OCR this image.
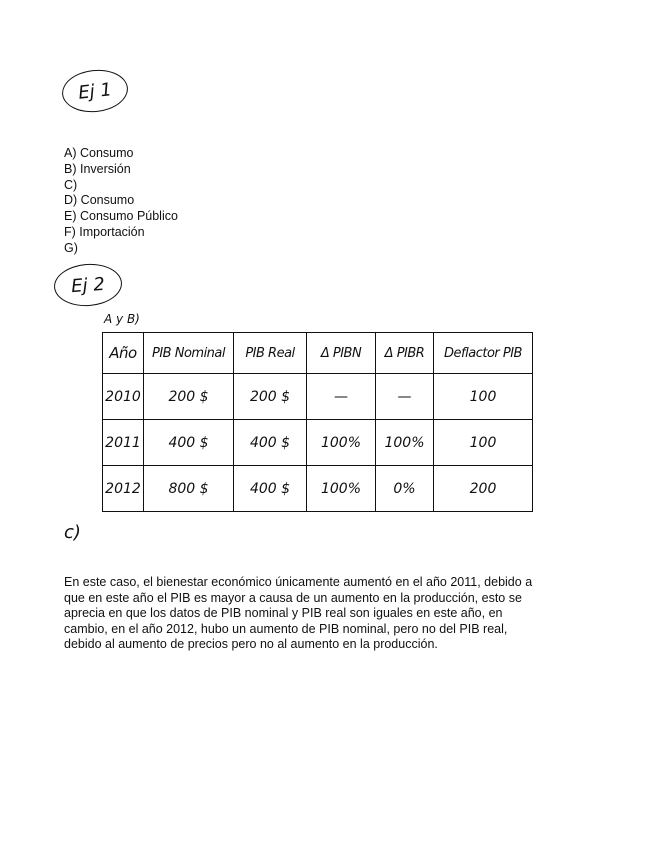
Ej 1
A) Consumo
B) Inversión
C)
D) Consumo
E) Consumo Público
F) Importación
G)
Ej 2
A y B)
Año	PIB Nominal	PIB Real	Δ PIBN	Δ PIBR	Deflactor PIB
2010	200 $	200 $	—	—	100
2011	400 $	400 $	100%	100%	100
2012	800 $	400 $	100%	0%	200
c)
En este caso, el bienestar económico únicamente aumentó en el año 2011, debido a
que en este año el PIB es mayor a causa de un aumento en la producción, esto se
aprecia en que los datos de PIB nominal y PIB real son iguales en este año, en
cambio, en el año 2012, hubo un aumento de PIB nominal, pero no del PIB real,
debido al aumento de precios pero no al aumento en la producción.
